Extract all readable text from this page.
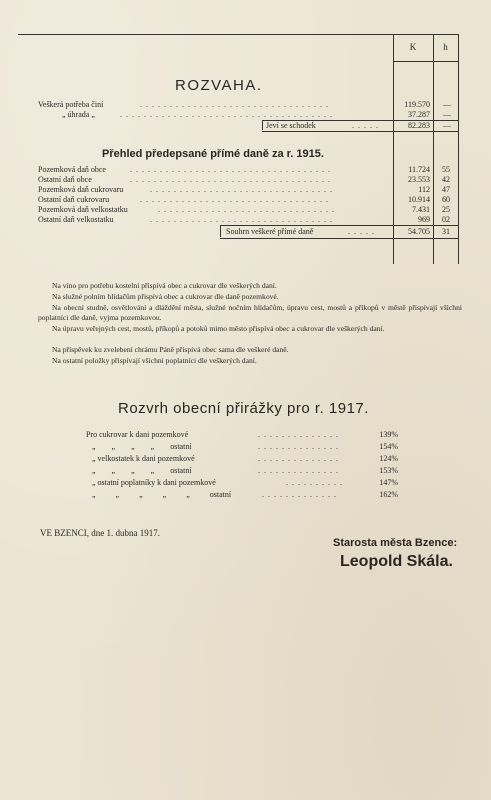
K	h
ROZVAHA.
Veškerá potřeba činí	................................	119.570	—
„ úhrada „	....................................	37.287	—
Jeví se schodek	.....	82.283	—
Přehled předepsané přímé daně za r. 1915.
Pozemková daň obce	..................................	11.724	55
Ostatní daň obce	..................................	23.553	42
Pozemková daň cukrovaru	...............................	112	47
Ostatní daň cukrovaru	................................	10.914	60
Pozemková daň velkostatku	..............................	7.431	25
Ostatní daň velkostatku	...............................	969	02
Souhrn veškeré přímé daně	.....	54.705	31
Na víno pro potřebu kostelní přispívá obec a cukrovar dle veškerých daní.
Na služné polním hlídačům přispívá obec a cukrovar dle daně pozemkové.
Na obecní studně, osvětlování a dláždění města, služné nočním hlídačům, úpravu cest, mostů a příkopů v městě přispívají všichni poplatníci dle daně, vyjma pozemkovou.
Na úpravu veřejných cest, mostů, příkopů a potoků mimo město přispívá obec a cukrovar dle veškerých daní.
Na příspěvek ku zvelebení chrámu Páně přispívá obec sama dle veškeré daně.
Na ostatní položky přispívají všichni poplatníci dle veškerých daní.
Rozvrh obecní přirážky pro r. 1917.
Pro cukrovar k dani pozemkové	..............	139%
„ „ „ „ ostatní	..............	154%
„ velkostatek k dani pozemkové	..............	124%
„ „ „ „ ostatní	..............	153%
„ ostatní poplatníky k dani pozemkové	..........	147%
„ „ „ „ „ ostatní	.............	162%
VE BZENCI, dne 1. dubna 1917.
Starosta města Bzence:
Leopold Skála.
